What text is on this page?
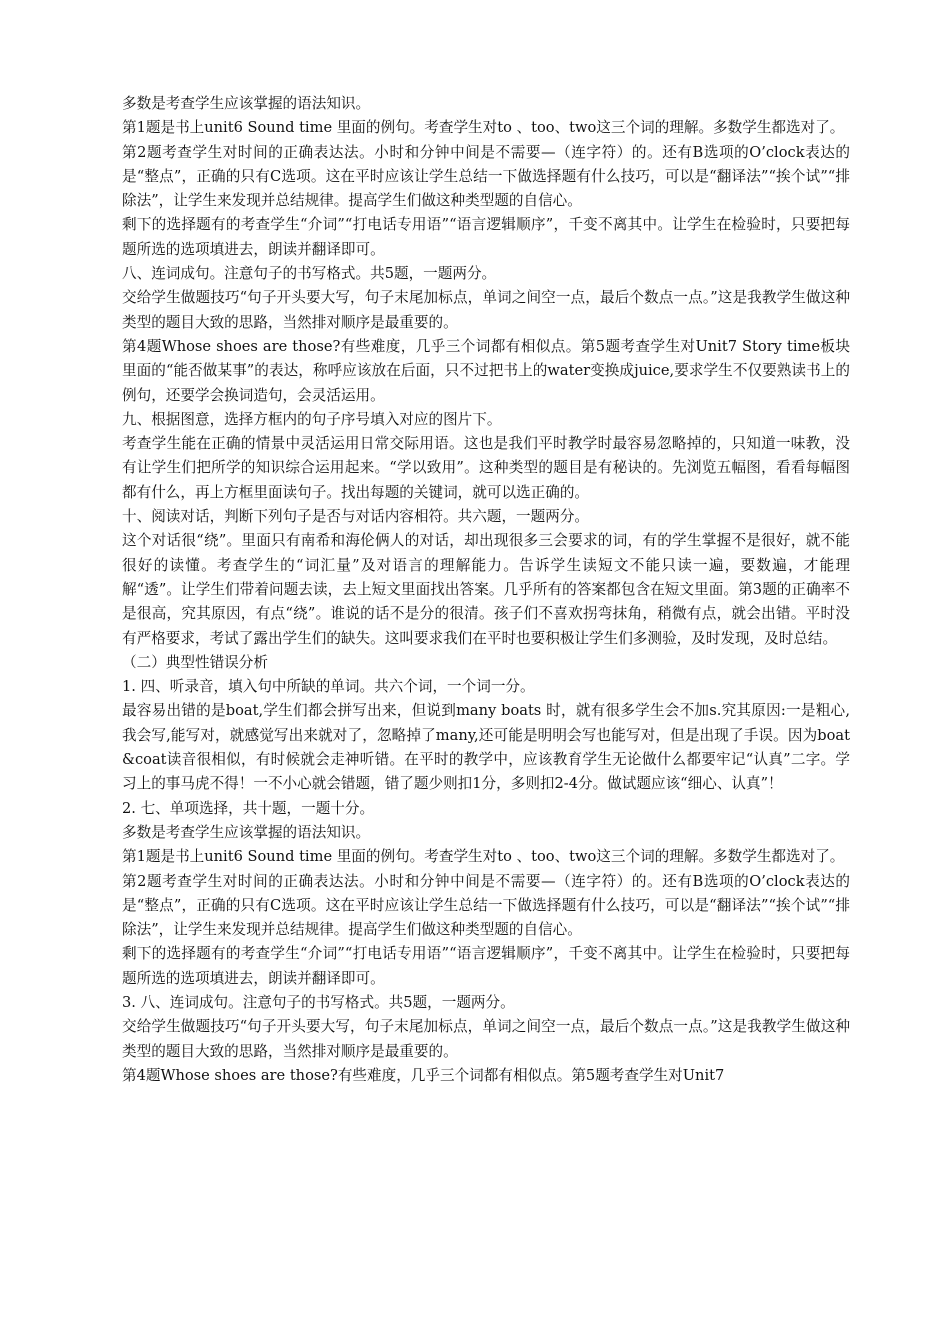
多数是考查学生应该掌握的语法知识。

第1题是书上unit6 Sound time 里面的例句。考查学生对to 、too、two这三个词的理解。多数学生都选对了。

第2题考查学生对时间的正确表达法。小时和分钟中间是不需要—（连字符）的。还有B选项的O’clock表达的是“整点”，正确的只有C选项。这在平时应该让学生总结一下做选择题有什么技巧，可以是“翻译法”“挨个试”“排除法”，让学生来发现并总结规律。提高学生们做这种类型题的自信心。

剩下的选择题有的考查学生“介词”“打电话专用语”“语言逻辑顺序”，千变不离其中。让学生在检验时，只要把每题所选的选项填进去，朗读并翻译即可。

八、连词成句。注意句子的书写格式。共5题，一题两分。

交给学生做题技巧“句子开头要大写，句子末尾加标点，单词之间空一点，最后个数点一点。”这是我教学生做这种类型的题目大致的思路，当然排对顺序是最重要的。

第4题Whose shoes are those?有些难度，几乎三个词都有相似点。第5题考查学生对Unit7 Story time板块里面的“能否做某事”的表达，称呼应该放在后面，只不过把书上的water变换成juice,要求学生不仅要熟读书上的例句，还要学会换词造句，会灵活运用。

九、根据图意，选择方框内的句子序号填入对应的图片下。

考查学生能在正确的情景中灵活运用日常交际用语。这也是我们平时教学时最容易忽略掉的，只知道一味教，没有让学生们把所学的知识综合运用起来。“学以致用”。这种类型的题目是有秘诀的。先浏览五幅图，看看每幅图都有什么，再上方框里面读句子。找出每题的关键词，就可以选正确的。

十、阅读对话，判断下列句子是否与对话内容相符。共六题，一题两分。

这个对话很“绕”。里面只有南希和海伦俩人的对话，却出现很多三会要求的词，有的学生掌握不是很好，就不能很好的读懂。考查学生的“词汇量”及对语言的理解能力。告诉学生读短文不能只读一遍，要数遍，才能理解“透”。让学生们带着问题去读，去上短文里面找出答案。几乎所有的答案都包含在短文里面。第3题的正确率不是很高，究其原因，有点“绕”。谁说的话不是分的很清。孩子们不喜欢拐弯抹角，稍微有点，就会出错。平时没有严格要求，考试了露出学生们的缺失。这叫要求我们在平时也要积极让学生们多测验，及时发现，及时总结。

（二）典型性错误分析

1. 四、听录音，填入句中所缺的单词。共六个词，一个词一分。

最容易出错的是boat,学生们都会拼写出来，但说到many boats 时，就有很多学生会不加s.究其原因:一是粗心,我会写,能写对，就感觉写出来就对了，忽略掉了many,还可能是明明会写也能写对，但是出现了手误。因为boat &coat读音很相似，有时候就会走神听错。在平时的教学中，应该教育学生无论做什么都要牢记“认真”二字。学习上的事马虎不得！一不小心就会错题，错了题少则扣1分，多则扣2-4分。做试题应该“细心、认真”！

2. 七、单项选择，共十题，一题十分。

多数是考查学生应该掌握的语法知识。

第1题是书上unit6 Sound time 里面的例句。考查学生对to 、too、two这三个词的理解。多数学生都选对了。

第2题考查学生对时间的正确表达法。小时和分钟中间是不需要—（连字符）的。还有B选项的O’clock表达的是“整点”，正确的只有C选项。这在平时应该让学生总结一下做选择题有什么技巧，可以是“翻译法”“挨个试”“排除法”，让学生来发现并总结规律。提高学生们做这种类型题的自信心。

剩下的选择题有的考查学生“介词”“打电话专用语”“语言逻辑顺序”，千变不离其中。让学生在检验时，只要把每题所选的选项填进去，朗读并翻译即可。

3. 八、连词成句。注意句子的书写格式。共5题，一题两分。

交给学生做题技巧“句子开头要大写，句子末尾加标点，单词之间空一点，最后个数点一点。”这是我教学生做这种类型的题目大致的思路，当然排对顺序是最重要的。

第4题Whose shoes are those?有些难度，几乎三个词都有相似点。第5题考查学生对Unit7
